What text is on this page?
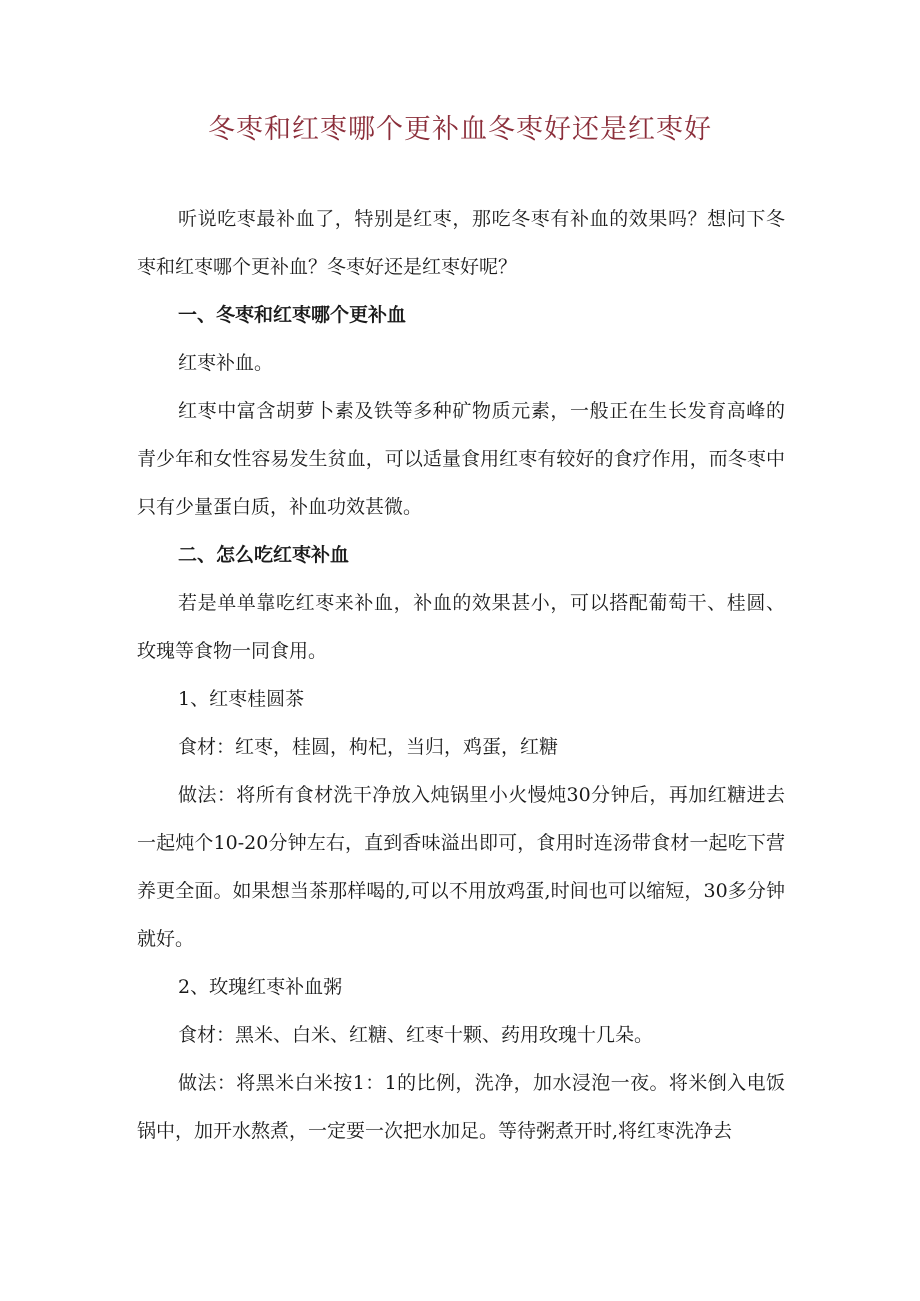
冬枣和红枣哪个更补血冬枣好还是红枣好

听说吃枣最补血了，特别是红枣，那吃冬枣有补血的效果吗？想问下冬枣和红枣哪个更补血？冬枣好还是红枣好呢？

一、冬枣和红枣哪个更补血

红枣补血。

红枣中富含胡萝卜素及铁等多种矿物质元素，一般正在生长发育高峰的青少年和女性容易发生贫血，可以适量食用红枣有较好的食疗作用，而冬枣中只有少量蛋白质，补血功效甚微。

二、怎么吃红枣补血

若是单单靠吃红枣来补血，补血的效果甚小，可以搭配葡萄干、桂圆、玫瑰等食物一同食用。

1、红枣桂圆茶

食材：红枣，桂圆，枸杞，当归，鸡蛋，红糖

做法：将所有食材洗干净放入炖锅里小火慢炖30分钟后，再加红糖进去一起炖个10-20分钟左右，直到香味溢出即可，食用时连汤带食材一起吃下营养更全面。如果想当茶那样喝的,可以不用放鸡蛋,时间也可以缩短，30多分钟就好。

2、玫瑰红枣补血粥

食材：黑米、白米、红糖、红枣十颗、药用玫瑰十几朵。

做法：将黑米白米按1：1的比例，洗净，加水浸泡一夜。将米倒入电饭锅中，加开水熬煮，一定要一次把水加足。等待粥煮开时,将红枣洗净去
